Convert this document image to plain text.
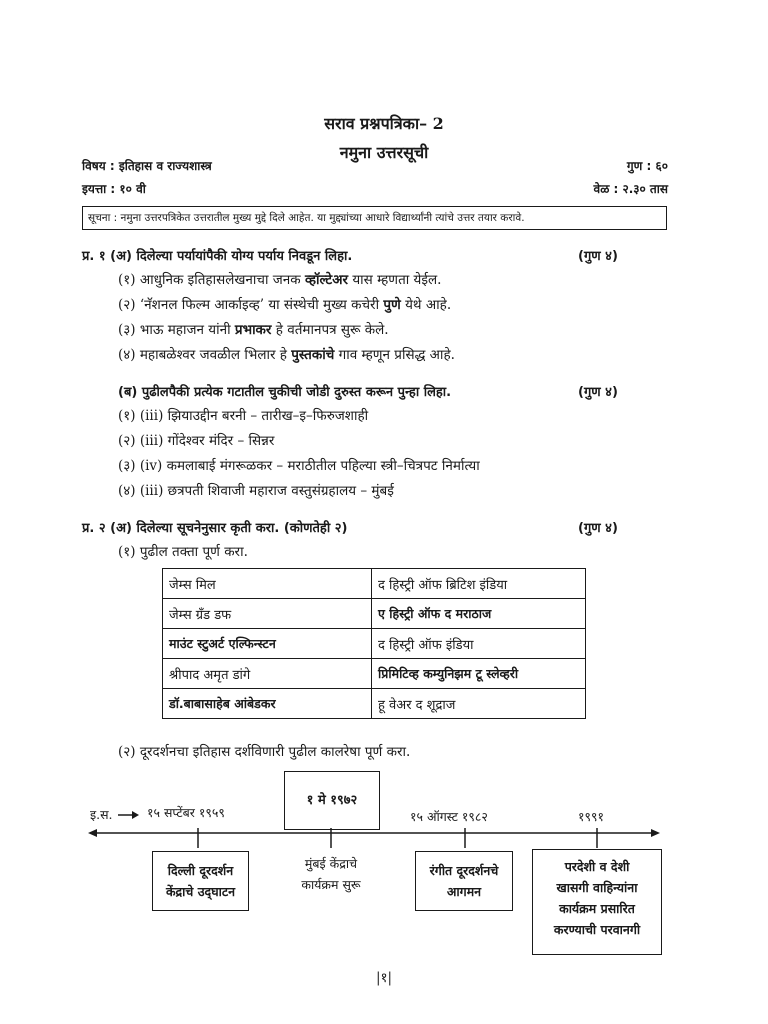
सराव प्रश्नपत्रिका– 2
नमुना उत्तरसूची
विषय : इतिहास व राज्यशास्त्र	गुण : ६०
इयत्ता : १० वी	वेळ : २.३० तास
सूचना : नमुना उत्तरपत्रिकेत उत्तरातील मुख्य मुद्दे दिले आहेत. या मुद्द्यांच्या आधारे विद्यार्थ्यांनी त्यांचे उत्तर तयार करावे.
प्र. १ (अ) दिलेल्या पर्यायांपैकी योग्य पर्याय निवडून लिहा.	(गुण ४)
(१) आधुनिक इतिहासलेखनाचा जनक व्हॉल्टेअर यास म्हणता येईल.
(२) ‘नॅशनल फिल्म आर्काइव्ह’ या संस्थेची मुख्य कचेरी पुणे येथे आहे.
(३) भाऊ महाजन यांनी प्रभाकर हे वर्तमानपत्र सुरू केले.
(४) महाबळेश्वर जवळील भिलार हे पुस्तकांचे गाव म्हणून प्रसिद्ध आहे.
(ब) पुढीलपैकी प्रत्येक गटातील चुकीची जोडी दुरुस्त करून पुन्हा लिहा.	(गुण ४)
(१) (iii) झियाउद्दीन बरनी – तारीख–इ–फिरुजशाही
(२) (iii) गोंदेश्वर मंदिर – सिन्नर
(३) (iv) कमलाबाई मंगरूळकर – मराठीतील पहिल्या स्त्री–चित्रपट निर्मात्या
(४) (iii) छत्रपती शिवाजी महाराज वस्तुसंग्रहालय – मुंबई
प्र. २ (अ) दिलेल्या सूचनेनुसार कृती करा. (कोणतेही २)	(गुण ४)
(१) पुढील तक्ता पूर्ण करा.
जेम्स मिल	द हिस्ट्री ऑफ ब्रिटिश इंडिया
जेम्स ग्रँड डफ	ए हिस्ट्री ऑफ द मराठाज
माउंट स्टुअर्ट एल्फिन्स्टन	द हिस्ट्री ऑफ इंडिया
श्रीपाद अमृत डांगे	प्रिमिटिव्ह कम्युनिझम टू स्लेव्हरी
डॉ.बाबासाहेब आंबेडकर	हू वेअर द शूद्राज
(२) दूरदर्शनचा इतिहास दर्शविणारी पुढील कालरेषा पूर्ण करा.
इ.स.	१५ सप्टेंबर १९५९
१ मे १९७२
१५ ऑगस्ट १९८२	१९९१
दिल्ली दूरदर्शन
केंद्राचे उद्‌घाटन
मुंबई केंद्राचे
कार्यक्रम सुरू
रंगीत दूरदर्शनचे
आगमन
परदेशी व देशी
खासगी वाहिन्यांना
कार्यक्रम प्रसारित
करण्याची परवानगी
|१|
